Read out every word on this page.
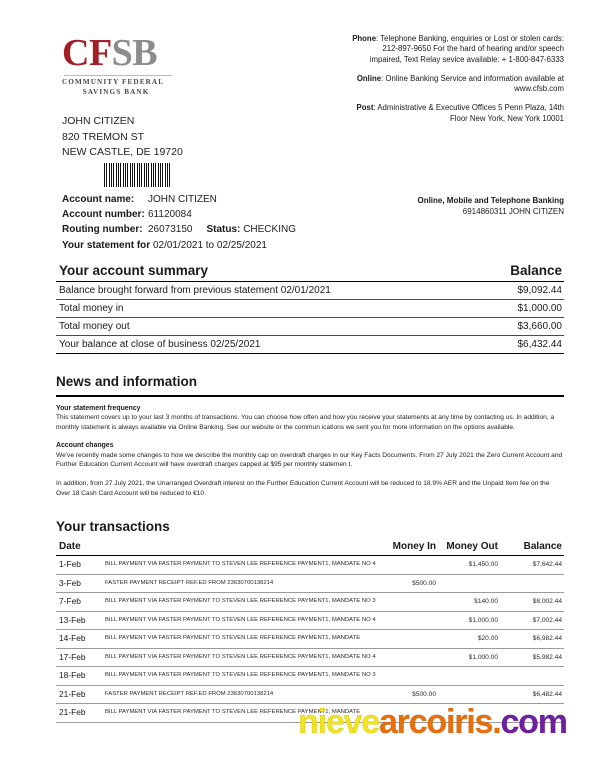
CFSB
COMMUNITY FEDERAL
SAVINGS BANK
JOHN CITIZEN
820 TREMON ST
NEW CASTLE, DE 19720
Phone: Telephone Banking, enquiries or Lost or stolen cards: 212-897-9650 For the hard of hearing and/or speech impaired, Text Relay sevice available: + 1-800-847-6333
Online: Online Banking Service and information available at www.cfsb.com
Post: Administrative & Executive Offices 5 Penn Plaza, 14th Floor New York, New York 10001
Account name: JOHN CITIZEN
Account number: 61120084
Routing number: 26073150 Status: CHECKING
Your statement for 02/01/2021 to 02/25/2021
Online, Mobile and Telephone Banking
6914860311 JOHN CITIZEN
Your account summary	Balance
Balance brought forward from previous statement 02/01/2021	$9,092.44
Total money in	$1,000.00
Total money out	$3,660.00
Your balance at close of business 02/25/2021	$6,432.44
News and information

Your statement frequency
This statement covers up to your last 3 months of transactions. You can choose how often and how you receive your statements at any time by contacting us. In addition, a monthly statement is always available via Online Banking. See our website or the commun ications we sent you for more information on the options available.

Account changes
We've recently made some changes to how we describe the monthly cap on overdraft charges in our Key Facts Documents. From 27 July 2021 the Zero Current Account and Further Education Current Account will have overdraft charges capped at $95 per monthly statemen t.

In addition, from 27 July 2021, the Unarranged Overdraft interest on the Further Education Current Account will be reduced to 18.9% AER and the Unpaid Item fee on the Over 18 Cash Card Account will be reduced to €10.

Your transactions
Date		Money In	Money Out	Balance
1-Feb	BILL PAYMENT VIA FASTER PAYMENT TO STEVEN LEE REFERENCE PAYMENT1, MANDATE NO 4		$1,450.00	$7,642.44
3-Feb	FASTER PAYMENT RECEIPT REF.ED FROM 23630700138214	$500.00		
7-Feb	BILL PAYMENT VIA FASTER PAYMENT TO STEVEN LEE REFERENCE PAYMENT1, MANDATE NO 3		$140.00	$8,002.44
13-Feb	BILL PAYMENT VIA FASTER PAYMENT TO STEVEN LEE REFERENCE PAYMENT1, MANDATE NO 4		$1,000.00	$7,002.44
14-Feb	BILL PAYMENT VIA FASTER PAYMENT TO STEVEN LEE REFERENCE PAYMENT1, MANDATE		$20.00	$6,982.44
17-Feb	BILL PAYMENT VIA FASTER PAYMENT TO STEVEN LEE REFERENCE PAYMENT1, MANDATE NO 4		$1,000.00	$5,982.44
18-Feb	BILL PAYMENT VIA FASTER PAYMENT TO STEVEN LEE REFERENCE PAYMENT1, MANDATE NO 3			
21-Feb	FASTER PAYMENT RECEIPT REF.ED FROM 23630700138214	$500.00		$6,482.44
21-Feb	BILL PAYMENT VIA FASTER PAYMENT TO STEVEN LEE REFERENCE PAYMENT1, MANDATE			
nievearcoiris.com
